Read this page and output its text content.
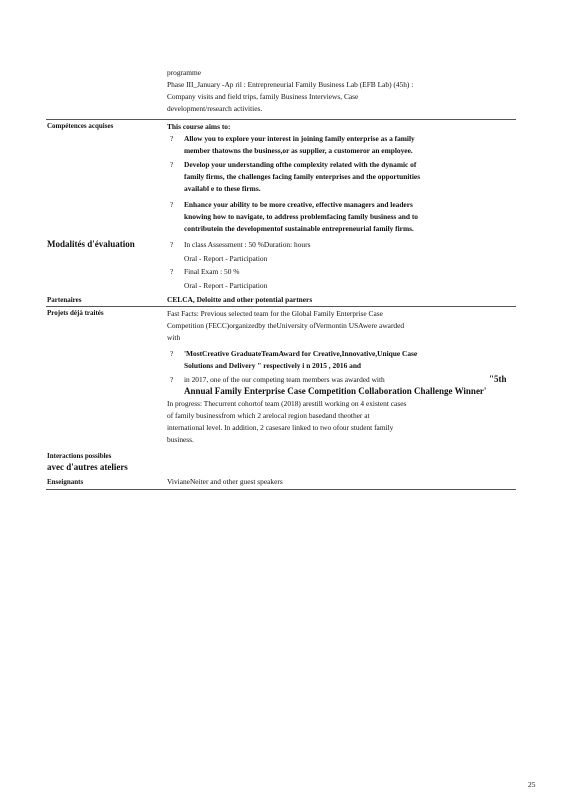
programme
Phase III_January -Ap ril : Entrepreneurial Family Business Lab (EFB Lab) (45h) :
Company visits and field trips, family Business Interviews, Case
development/research activities.
Compétences acquises	This course aims to:
? Allow you to explore your interest in joining family enterprise as a family
member thatowns the business,or as supplier, a customeror an employee.
? Develop your understanding ofthe complexity related with the dynamic of
family firms, the challenges facing family enterprises and the opportunities
availabl e to these firms.
? Enhance your ability to be more creative, effective managers and leaders
knowing how to navigate, to address problemfacing family business and to
contributein the developmentof sustainable entrepreneurial family firms.
Modalités d'évaluation	? In class Assessment : 50 %Duration: hours
Oral - Report - Participation
? Final Exam : 50 %
Oral - Report - Participation
Partenaires	CELCA, Deloitte and other potential partners
Projets déjà traités	Fast Facts: Previous selected team for the Global Family Enterprise Case
Competition (FECC)organizedby theUniversity ofVermontin USAwere awarded
with
? 'MostCreative GraduateTeamAward for Creative,Innovative,Unique Case
Solutions and Delivery " respectively i n 2015 , 2016 and
? in 2017, one of the our competing team members was awarded with	"5th
Annual Family Enterprise Case Competition Collaboration Challenge Winner'
In progress: Thecurrent cohortof team (2018) arestill working on 4 existent cases
of family businessfrom which 2 arelocal region basedand theother at
international level. In addition, 2 casesare linked to two ofour student family
business.
Interactions possibles
avec d'autres ateliers
Enseignants	VivianeNeiter and other guest speakers
25
